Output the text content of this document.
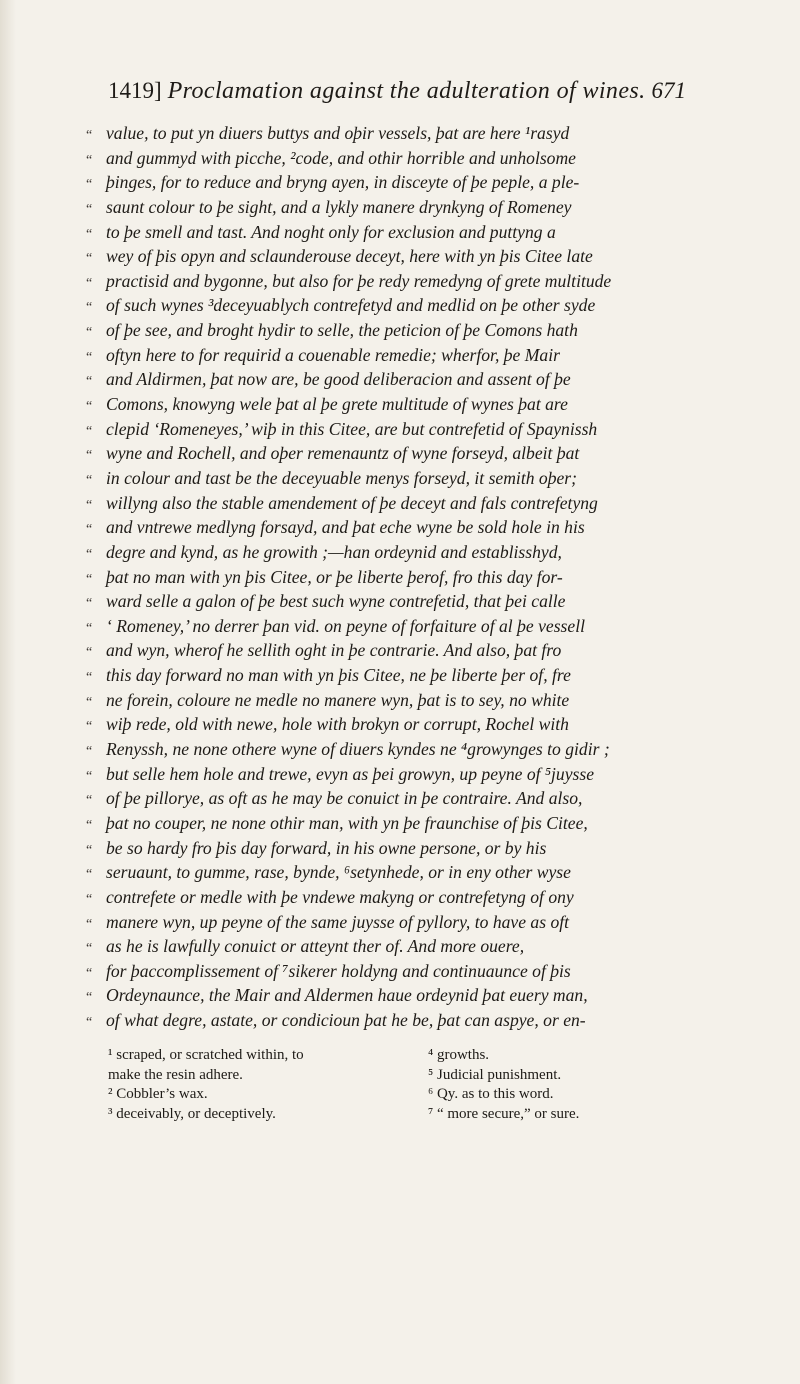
1419] Proclamation against the adulteration of wines. 671
“ value, to put yn diuers buttys and oþir vessels, þat are here ¹rasyd
“ and gummyd with picche, ²code, and othir horrible and unholsome
“ þinges, for to reduce and bryng ayen, in disceyte of þe peple, a ple-
“ saunt colour to þe sight, and a lykly manere drynkyng of Romeney
“ to þe smell and tast. And noght only for exclusion and puttyng a
“ wey of þis opyn and sclaunderouse deceyt, here with yn þis Citee late
“ practisid and bygonne, but also for þe redy remedyng of grete multitude
“ of such wynes ³deceyuablych contrefetyd and medlid on þe other syde
“ of þe see, and broght hydir to selle, the peticion of þe Comons hath
“ oftyn here to for requirid a couenable remedie; wherfor, þe Mair
“ and Aldirmen, þat now are, be good deliberacion and assent of þe
“ Comons, knowyng wele þat al þe grete multitude of wynes þat are
“ clepid ‘Romeneyes,’ wiþ in this Citee, are but contrefetid of Spaynissh
“ wyne and Rochell, and oþer remenauntz of wyne forseyd, albeit þat
“ in colour and tast be the deceyuable menys forseyd, it semith oþer;
“ willyng also the stable amendement of þe deceyt and fals contrefetyng
“ and vntrewe medlyng forsayd, and þat eche wyne be sold hole in his
“ degre and kynd, as he growith ;—han ordeynid and establisshyd,
“ þat no man with yn þis Citee, or þe liberte þerof, fro this day for-
“ ward selle a galon of þe best such wyne contrefetid, that þei calle
“ ‘ Romeney,’ no derrer þan vid. on peyne of forfaiture of al þe vessell
“ and wyn, wherof he sellith oght in þe contrarie. And also, þat fro
“ this day forward no man with yn þis Citee, ne þe liberte þer of, fre
“ ne forein, coloure ne medle no manere wyn, þat is to sey, no white
“ wiþ rede, old with newe, hole with brokyn or corrupt, Rochel with
“ Renyssh, ne none othere wyne of diuers kyndes ne ⁴growynges to gidir ;
“ but selle hem hole and trewe, evyn as þei growyn, up peyne of ⁵juysse
“ of þe pillorye, as oft as he may be conuict in þe contraire. And also,
“ þat no couper, ne none othir man, with yn þe fraunchise of þis Citee,
“ be so hardy fro þis day forward, in his owne persone, or by his
“ seruaunt, to gumme, rase, bynde, ⁶setynhede, or in eny other wyse
“ contrefete or medle with þe vndewe makyng or contrefetyng of ony
“ manere wyn, up peyne of the same juysse of pyllory, to have as oft
“ as he is lawfully conuict or atteynt ther of. And more ouere,
“ for þaccomplissement of ⁷sikerer holdyng and continuaunce of þis
“ Ordeynaunce, the Mair and Aldermen haue ordeynid þat euery man,
“ of what degre, astate, or condicioun þat he be, þat can aspye, or en-
¹ scraped, or scratched within, to
make the resin adhere.
² Cobbler’s wax.
³ deceivably, or deceptively.
⁴ growths.
⁵ Judicial punishment.
⁶ Qy. as to this word.
⁷ “ more secure,” or sure.
